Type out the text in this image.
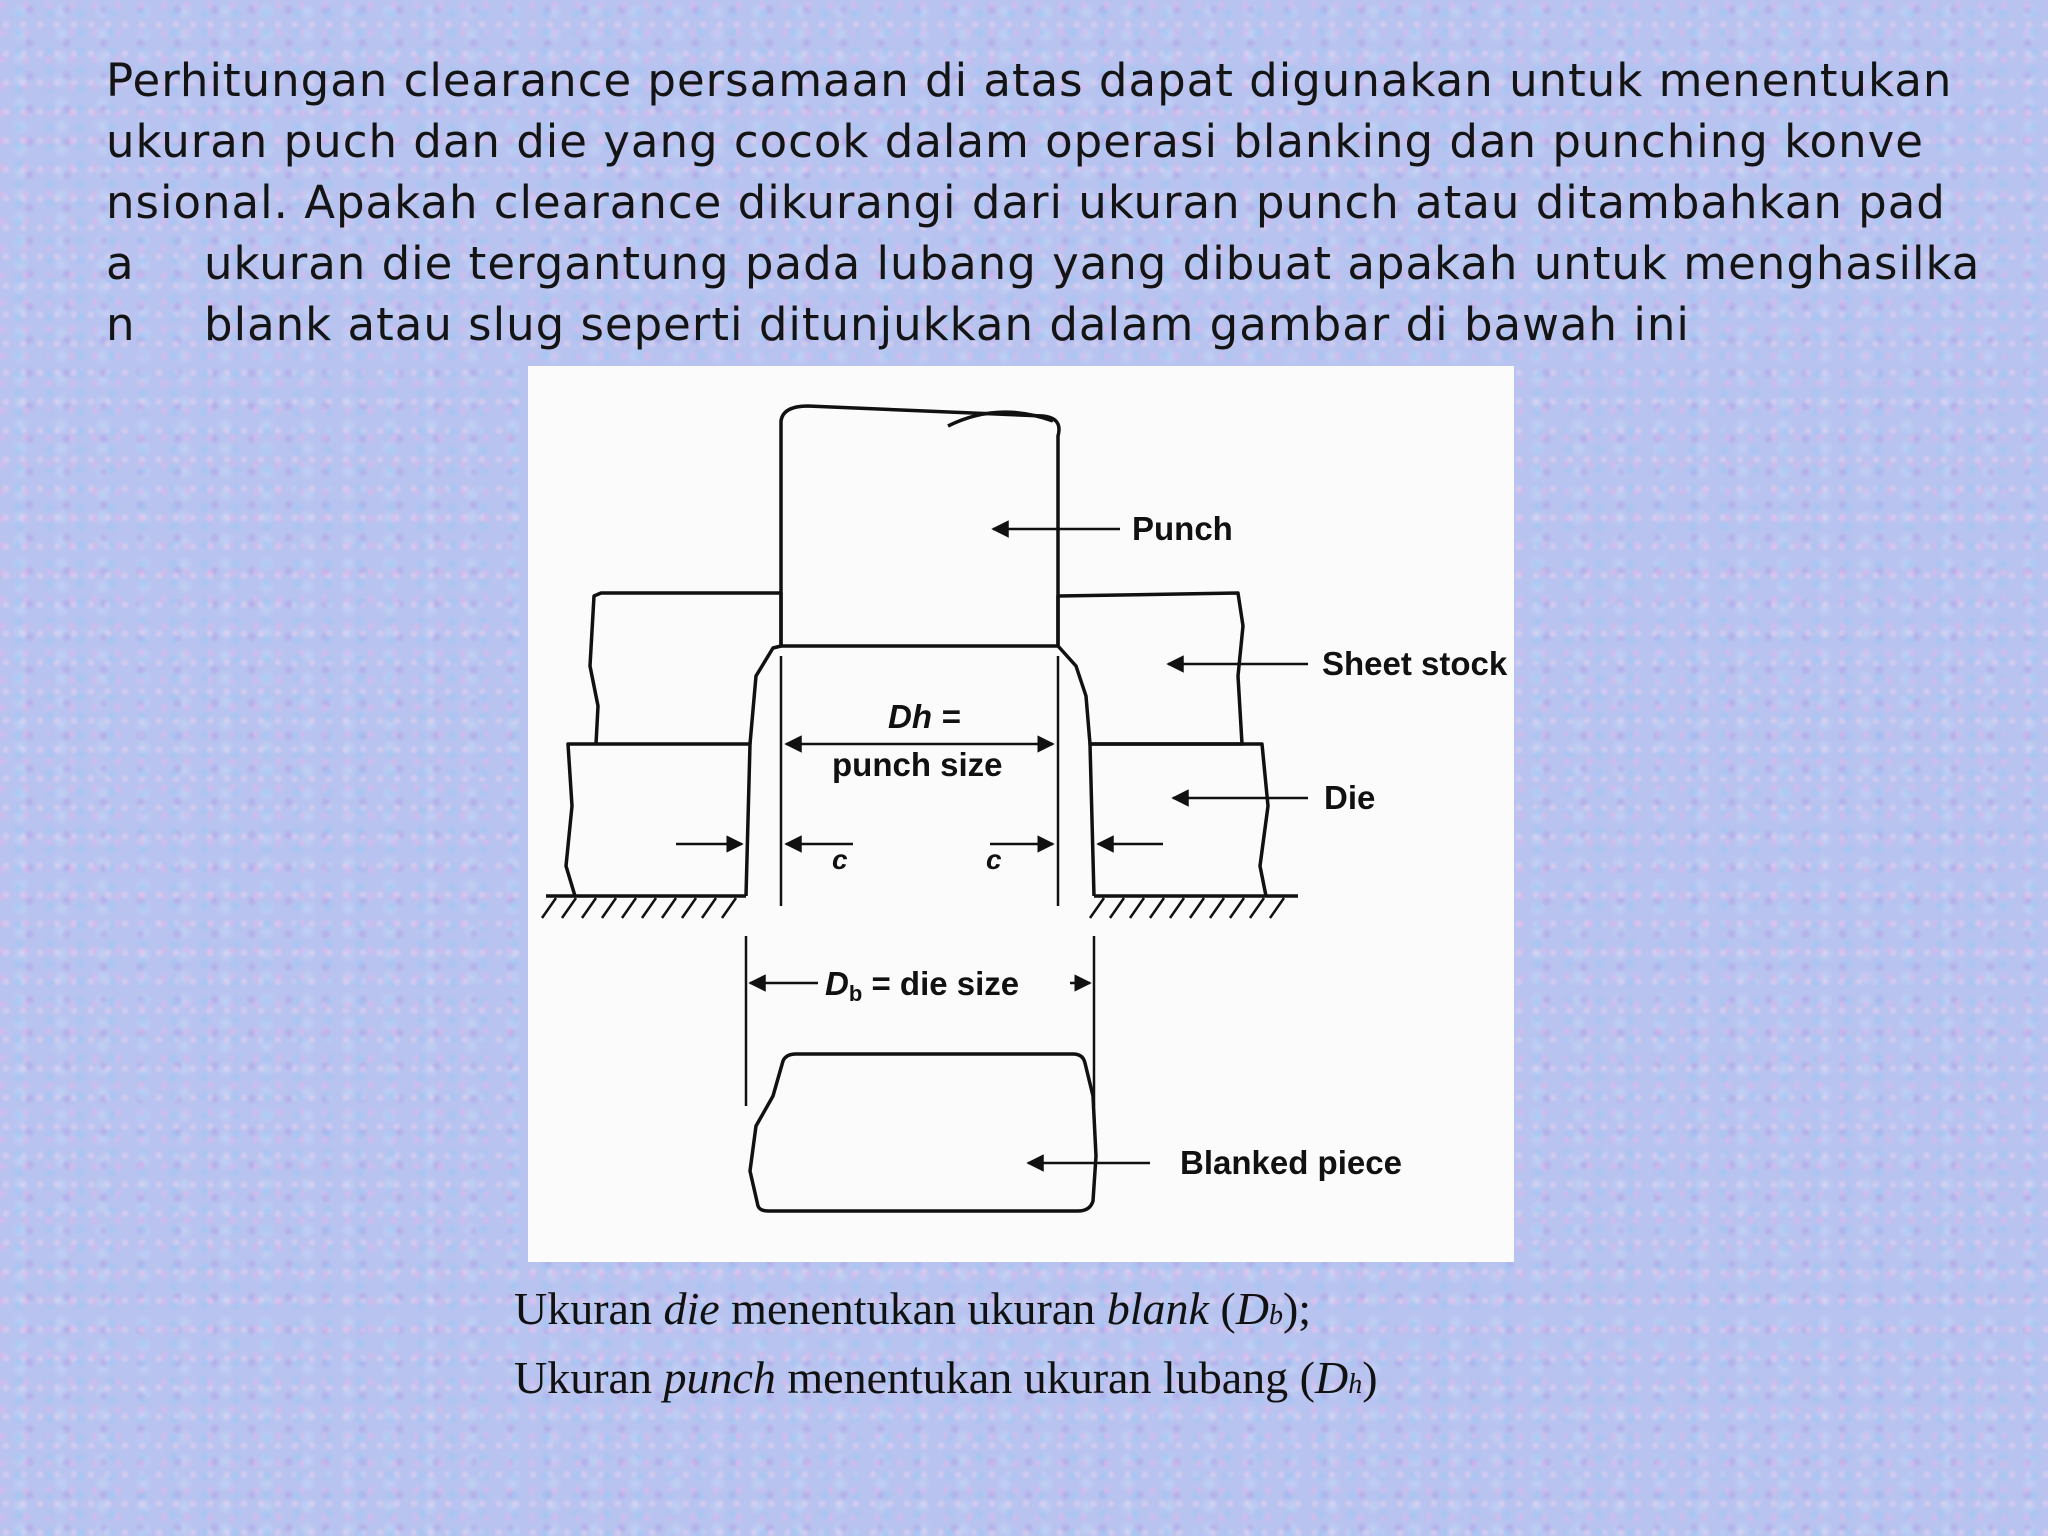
Perhitungan clearance persamaan di atas dapat digunakan untuk menentukan
ukuran puch dan die yang cocok dalam operasi blanking dan punching konve
nsional. Apakah clearance dikurangi dari ukuran punch atau ditambahkan pad
a ukuran die tergantung pada lubang yang dibuat apakah untuk menghasilka
n blank atau slug seperti ditunjukkan dalam gambar di bawah ini
Punch
Sheet stock
Die
Blanked piece
Dh =
punch size
c	c
Db = die size
Ukuran die menentukan ukuran blank (Db);
Ukuran punch menentukan ukuran lubang (Dh)
